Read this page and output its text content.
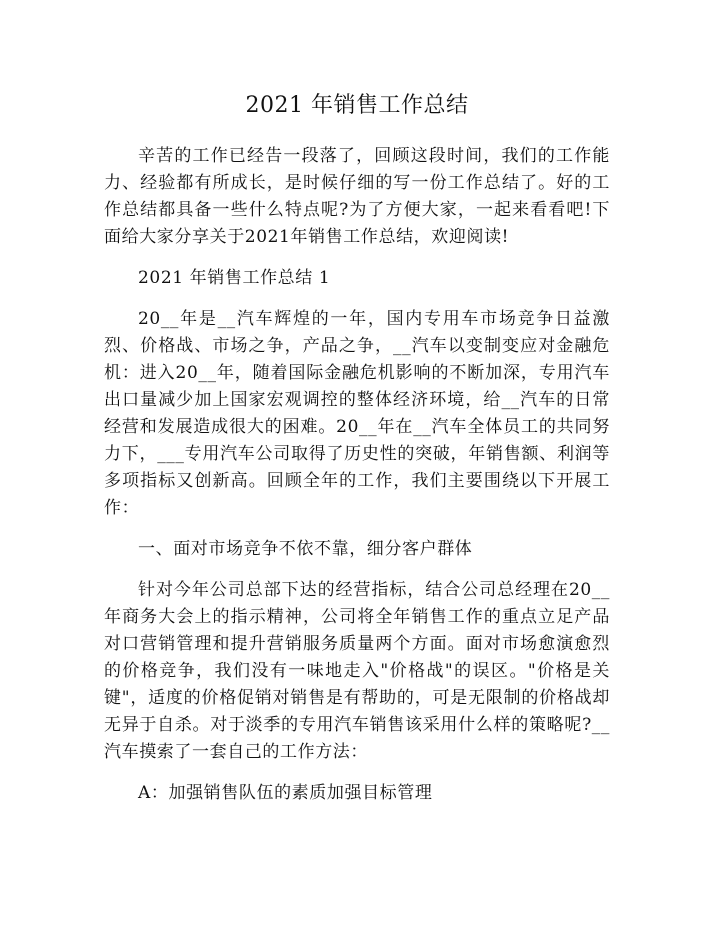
2021 年销售工作总结

辛苦的工作已经告一段落了，回顾这段时间，我们的工作能力、经验都有所成长，是时候仔细的写一份工作总结了。好的工作总结都具备一些什么特点呢?为了方便大家，一起来看看吧!下面给大家分享关于2021年销售工作总结，欢迎阅读!

2021 年销售工作总结 1

20__年是__汽车辉煌的一年，国内专用车市场竞争日益激烈、价格战、市场之争，产品之争，__汽车以变制变应对金融危机：进入20__年，随着国际金融危机影响的不断加深，专用汽车出口量减少加上国家宏观调控的整体经济环境，给__汽车的日常经营和发展造成很大的困难。20__年在__汽车全体员工的共同努力下，___专用汽车公司取得了历史性的突破，年销售额、利润等多项指标又创新高。回顾全年的工作，我们主要围绕以下开展工作：

一、面对市场竞争不依不靠，细分客户群体

针对今年公司总部下达的经营指标，结合公司总经理在20__年商务大会上的指示精神，公司将全年销售工作的重点立足产品对口营销管理和提升营销服务质量两个方面。面对市场愈演愈烈的价格竞争，我们没有一味地走入"价格战"的误区。"价格是关键"，适度的价格促销对销售是有帮助的，可是无限制的价格战却无异于自杀。对于淡季的专用汽车销售该采用什么样的策略呢?__汽车摸索了一套自己的工作方法：

A：加强销售队伍的素质加强目标管理
